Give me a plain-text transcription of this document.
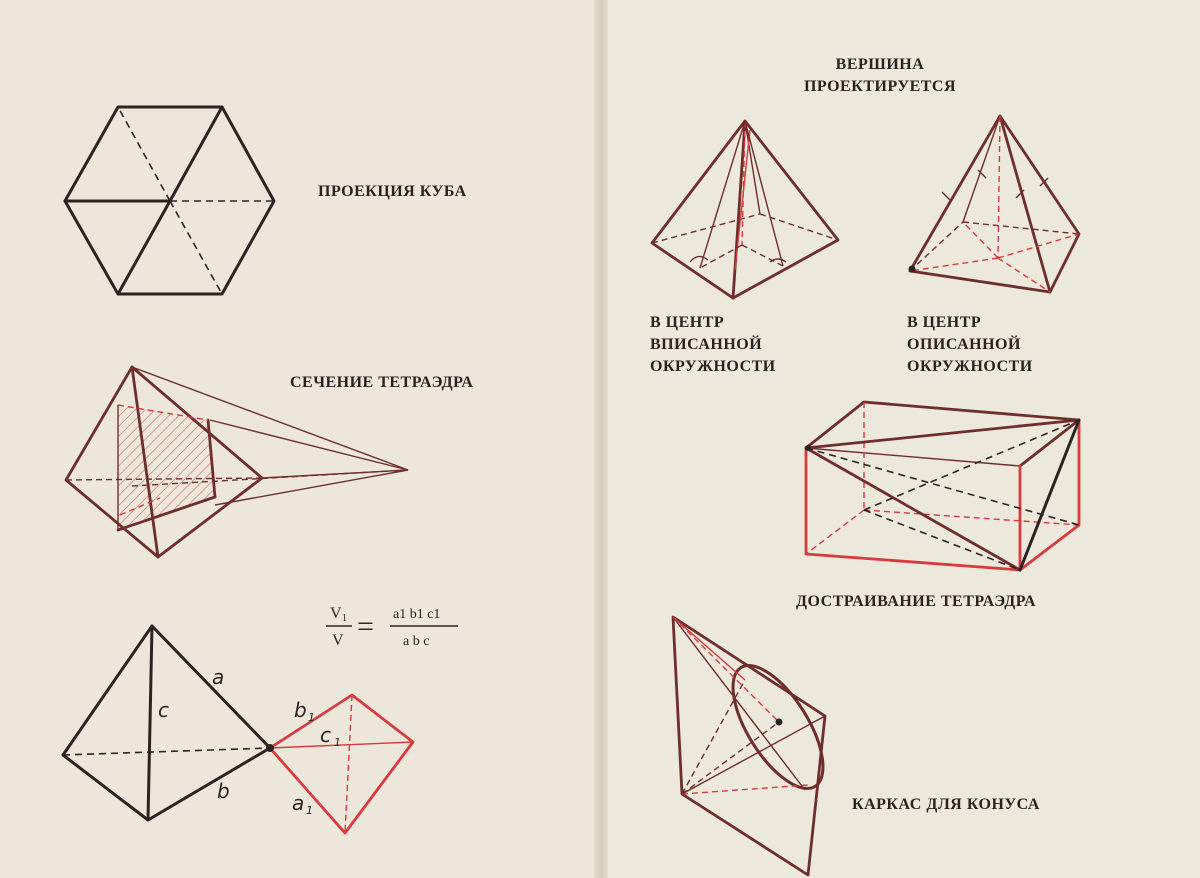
a
c
b
b 1
c 1
a 1
V 1
V = a1 b1 c1
a b c
ПРОЕКЦИЯ КУБА
СЕЧЕНИЕ ТЕТРАЭДРА
ВЕРШИНА
ПРОЕКТИРУЕТСЯ
В ЦЕНТР
ВПИСАННОЙ
ОКРУЖНОСТИ
В ЦЕНТР
ОПИСАННОЙ
ОКРУЖНОСТИ
ДОСТРАИВАНИЕ ТЕТРАЭДРА
КАРКАС ДЛЯ КОНУСА
